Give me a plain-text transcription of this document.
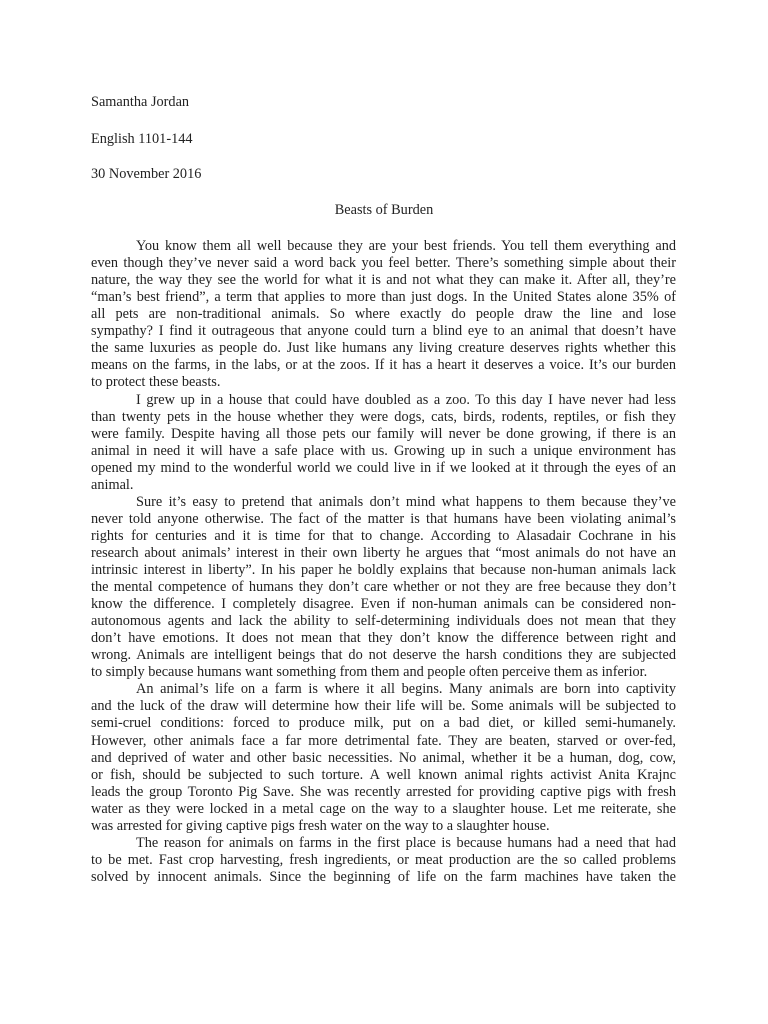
Samantha Jordan
English 1101-144
30 November 2016
Beasts of Burden
You know them all well because they are your best friends. You tell them everything and
even though they’ve never said a word back you feel better. There’s something simple about their
nature, the way they see the world for what it is and not what they can make it. After all, they’re
“man’s best friend”, a term that applies to more than just dogs. In the United States alone 35% of
all pets are non-traditional animals. So where exactly do people draw the line and lose
sympathy? I find it outrageous that anyone could turn a blind eye to an animal that doesn’t have
the same luxuries as people do. Just like humans any living creature deserves rights whether this
means on the farms, in the labs, or at the zoos. If it has a heart it deserves a voice. It’s our burden
to protect these beasts.
I grew up in a house that could have doubled as a zoo. To this day I have never had less
than twenty pets in the house whether they were dogs, cats, birds, rodents, reptiles, or fish they
were family. Despite having all those pets our family will never be done growing, if there is an
animal in need it will have a safe place with us. Growing up in such a unique environment has
opened my mind to the wonderful world we could live in if we looked at it through the eyes of an
animal.
Sure it’s easy to pretend that animals don’t mind what happens to them because they’ve
never told anyone otherwise. The fact of the matter is that humans have been violating animal’s
rights for centuries and it is time for that to change. According to Alasadair Cochrane in his
research about animals’ interest in their own liberty he argues that “most animals do not have an
intrinsic interest in liberty”. In his paper he boldly explains that because non-human animals lack
the mental competence of humans they don’t care whether or not they are free because they don’t
know the difference. I completely disagree. Even if non-human animals can be considered non-
autonomous agents and lack the ability to self-determining individuals does not mean that they
don’t have emotions. It does not mean that they don’t know the difference between right and
wrong. Animals are intelligent beings that do not deserve the harsh conditions they are subjected
to simply because humans want something from them and people often perceive them as inferior.
An animal’s life on a farm is where it all begins. Many animals are born into captivity
and the luck of the draw will determine how their life will be. Some animals will be subjected to
semi-cruel conditions: forced to produce milk, put on a bad diet, or killed semi-humanely.
However, other animals face a far more detrimental fate. They are beaten, starved or over-fed,
and deprived of water and other basic necessities. No animal, whether it be a human, dog, cow,
or fish, should be subjected to such torture. A well known animal rights activist Anita Krajnc
leads the group Toronto Pig Save. She was recently arrested for providing captive pigs with fresh
water as they were locked in a metal cage on the way to a slaughter house. Let me reiterate, she
was arrested for giving captive pigs fresh water on the way to a slaughter house.
The reason for animals on farms in the first place is because humans had a need that had
to be met. Fast crop harvesting, fresh ingredients, or meat production are the so called problems
solved by innocent animals. Since the beginning of life on the farm machines have taken the
